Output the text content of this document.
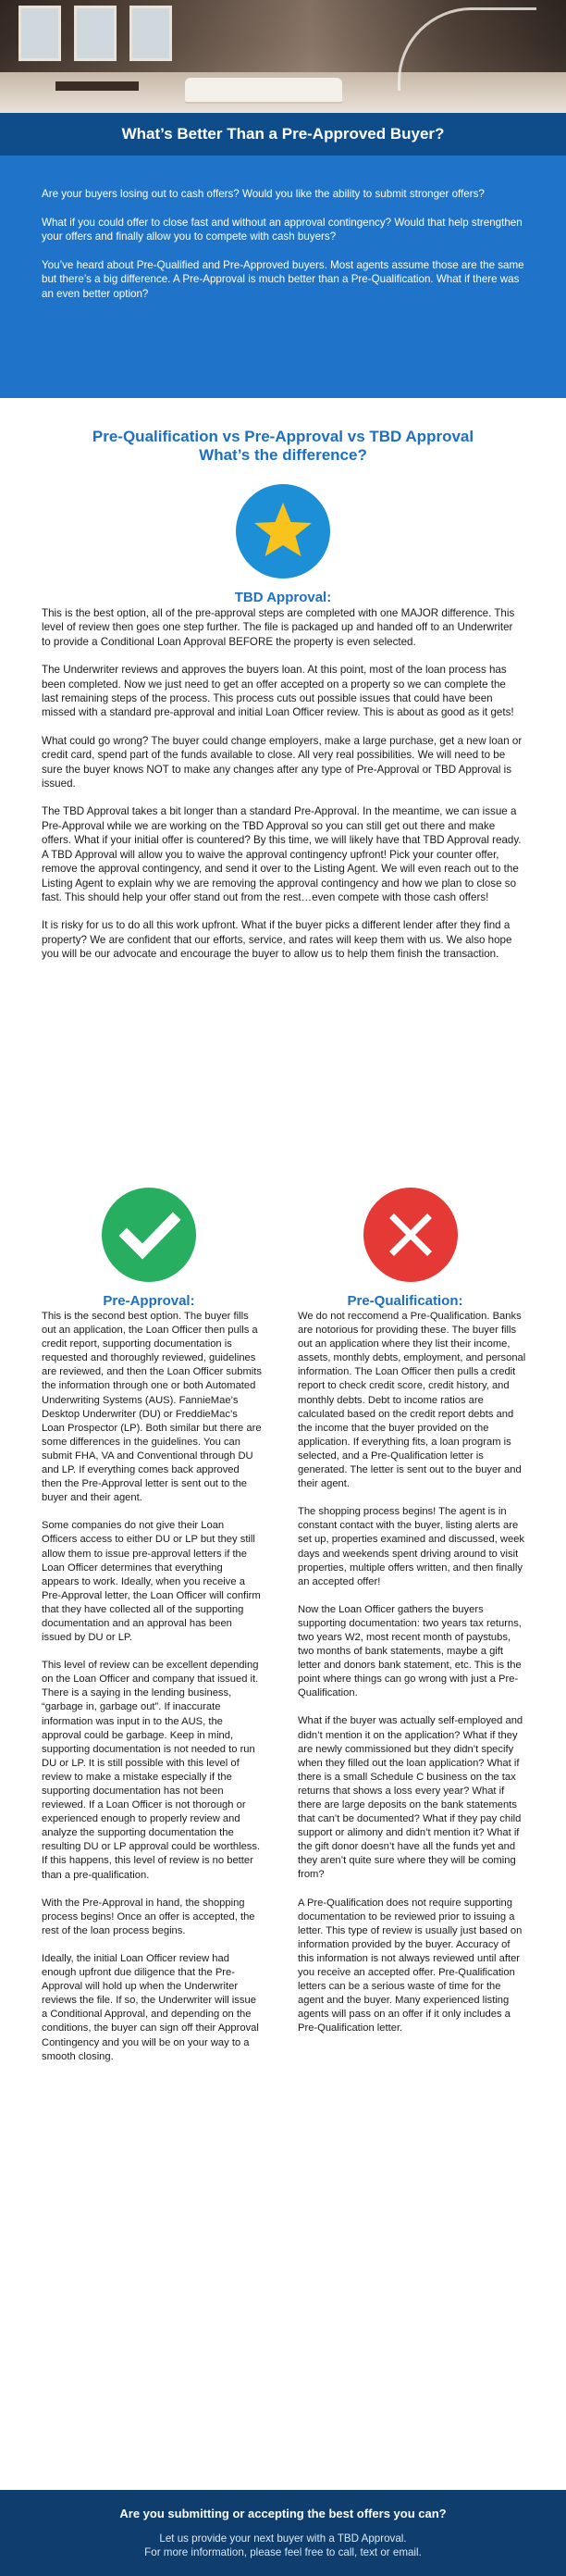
What’s Better Than a Pre-Approved Buyer?

Are your buyers losing out to cash offers? Would you like the ability to submit stronger offers?

What if you could offer to close fast and without an approval contingency? Would that help strengthen your offers and finally allow you to compete with cash buyers?

You’ve heard about Pre-Qualified and Pre-Approved buyers. Most agents assume those are the same but there’s a big difference. A Pre-Approval is much better than a Pre-Qualification. What if there was an even better option?

Pre-Qualification vs Pre-Approval vs TBD Approval
What’s the difference?
TBD Approval:

This is the best option, all of the pre-approval steps are completed with one MAJOR difference. This level of review then goes one step further. The file is packaged up and handed off to an Underwriter to provide a Conditional Loan Approval BEFORE the property is even selected.

The Underwriter reviews and approves the buyers loan. At this point, most of the loan process has been completed. Now we just need to get an offer accepted on a property so we can complete the last remaining steps of the process. This process cuts out possible issues that could have been missed with a standard pre-approval and initial Loan Officer review. This is about as good as it gets!

What could go wrong? The buyer could change employers, make a large purchase, get a new loan or credit card, spend part of the funds available to close. All very real possibilities. We will need to be sure the buyer knows NOT to make any changes after any type of Pre-Approval or TBD Approval is issued.

The TBD Approval takes a bit longer than a standard Pre-Approval. In the meantime, we can issue a Pre-Approval while we are working on the TBD Approval so you can still get out there and make offers. What if your initial offer is countered? By this time, we will likely have that TBD Approval ready. A TBD Approval will allow you to waive the approval contingency upfront! Pick your counter offer, remove the approval contingency, and send it over to the Listing Agent. We will even reach out to the Listing Agent to explain why we are removing the approval contingency and how we plan to close so fast. This should help your offer stand out from the rest…even compete with those cash offers!

It is risky for us to do all this work upfront. What if the buyer picks a different lender after they find a property? We are confident that our efforts, service, and rates will keep them with us. We also hope you will be our advocate and encourage the buyer to allow us to help them finish the transaction.

Pre-Approval:	Pre-Qualification:

This is the second best option. The buyer fills out an application, the Loan Officer then pulls a credit report, supporting documentation is requested and thoroughly reviewed, guidelines are reviewed, and then the Loan Officer submits the information through one or both Automated Underwriting Systems (AUS). FannieMae’s Desktop Underwriter (DU) or FreddieMac’s Loan Prospector (LP). Both similar but there are some differences in the guidelines. You can submit FHA, VA and Conventional through DU and LP. If everything comes back approved then the Pre-Approval letter is sent out to the buyer and their agent.

Some companies do not give their Loan Officers access to either DU or LP but they still allow them to issue pre-approval letters if the Loan Officer determines that everything appears to work. Ideally, when you receive a Pre-Approval letter, the Loan Officer will confirm that they have collected all of the supporting documentation and an approval has been issued by DU or LP.

This level of review can be excellent depending on the Loan Officer and company that issued it. There is a saying in the lending business, “garbage in, garbage out”. If inaccurate information was input in to the AUS, the approval could be garbage. Keep in mind, supporting documentation is not needed to run DU or LP. It is still possible with this level of review to make a mistake especially if the supporting documentation has not been reviewed. If a Loan Officer is not thorough or experienced enough to properly review and analyze the supporting documentation the resulting DU or LP approval could be worthless. If this happens, this level of review is no better than a pre-qualification.

With the Pre-Approval in hand, the shopping process begins! Once an offer is accepted, the rest of the loan process begins.

Ideally, the initial Loan Officer review had enough upfront due diligence that the Pre-Approval will hold up when the Underwriter reviews the file. If so, the Underwriter will issue a Conditional Approval, and depending on the conditions, the buyer can sign off their Approval Contingency and you will be on your way to a smooth closing.

We do not reccomend a Pre-Qualification. Banks are notorious for providing these. The buyer fills out an application where they list their income, assets, monthly debts, employment, and personal information. The Loan Officer then pulls a credit report to check credit score, credit history, and monthly debts. Debt to income ratios are calculated based on the credit report debts and the income that the buyer provided on the application. If everything fits, a loan program is selected, and a Pre-Qualification letter is generated. The letter is sent out to the buyer and their agent.

The shopping process begins! The agent is in constant contact with the buyer, listing alerts are set up, properties examined and discussed, week days and weekends spent driving around to visit properties, multiple offers written, and then finally an accepted offer!

Now the Loan Officer gathers the buyers supporting documentation: two years tax returns, two years W2, most recent month of paystubs, two months of bank statements, maybe a gift letter and donors bank statement, etc. This is the point where things can go wrong with just a Pre-Qualification.

What if the buyer was actually self-employed and didn’t mention it on the application? What if they are newly commissioned but they didn’t specify when they filled out the loan application? What if there is a small Schedule C business on the tax returns that shows a loss every year? What if there are large deposits on the bank statements that can’t be documented? What if they pay child support or alimony and didn’t mention it? What if the gift donor doesn’t have all the funds yet and they aren’t quite sure where they will be coming from?

A Pre-Qualification does not require supporting documentation to be reviewed prior to issuing a letter. This type of review is usually just based on information provided by the buyer. Accuracy of this information is not always reviewed until after you receive an accepted offer. Pre-Qualification letters can be a serious waste of time for the agent and the buyer. Many experienced listing agents will pass on an offer if it only includes a Pre-Qualification letter.

Are you submitting or accepting the best offers you can?
Let us provide your next buyer with a TBD Approval.
For more information, please feel free to call, text or email.
